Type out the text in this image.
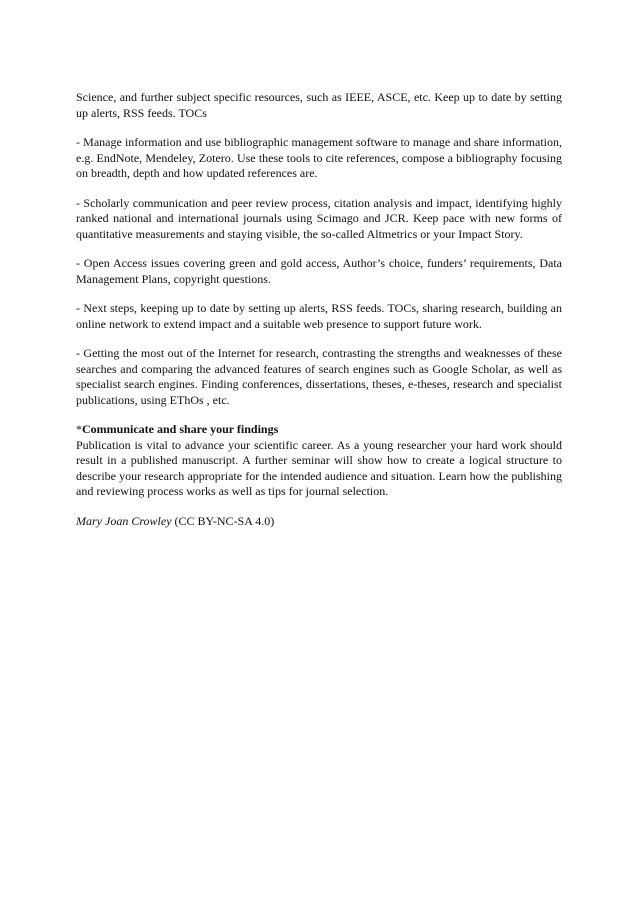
Science, and further subject specific resources, such as IEEE, ASCE, etc. Keep up to date by setting up alerts, RSS feeds. TOCs

- Manage information and use bibliographic management software to manage and share information, e.g. EndNote, Mendeley, Zotero. Use these tools to cite references, compose a bibliography focusing on breadth, depth and how updated references are.

- Scholarly communication and peer review process, citation analysis and impact, identifying highly ranked national and international journals using Scimago and JCR. Keep pace with new forms of quantitative measurements and staying visible, the so-called Altmetrics or your Impact Story.

- Open Access issues covering green and gold access, Author’s choice, funders’ requirements, Data Management Plans, copyright questions.

- Next steps, keeping up to date by setting up alerts, RSS feeds. TOCs, sharing research, building an online network to extend impact and a suitable web presence to support future work.

- Getting the most out of the Internet for research, contrasting the strengths and weaknesses of these searches and comparing the advanced features of search engines such as Google Scholar, as well as specialist search engines. Finding conferences, dissertations, theses, e-theses, research and specialist publications, using EThOs , etc.

*Communicate and share your findings
Publication is vital to advance your scientific career. As a young researcher your hard work should result in a published manuscript. A further seminar will show how to create a logical structure to describe your research appropriate for the intended audience and situation. Learn how the publishing and reviewing process works as well as tips for journal selection.

Mary Joan Crowley (CC BY-NC-SA 4.0)
